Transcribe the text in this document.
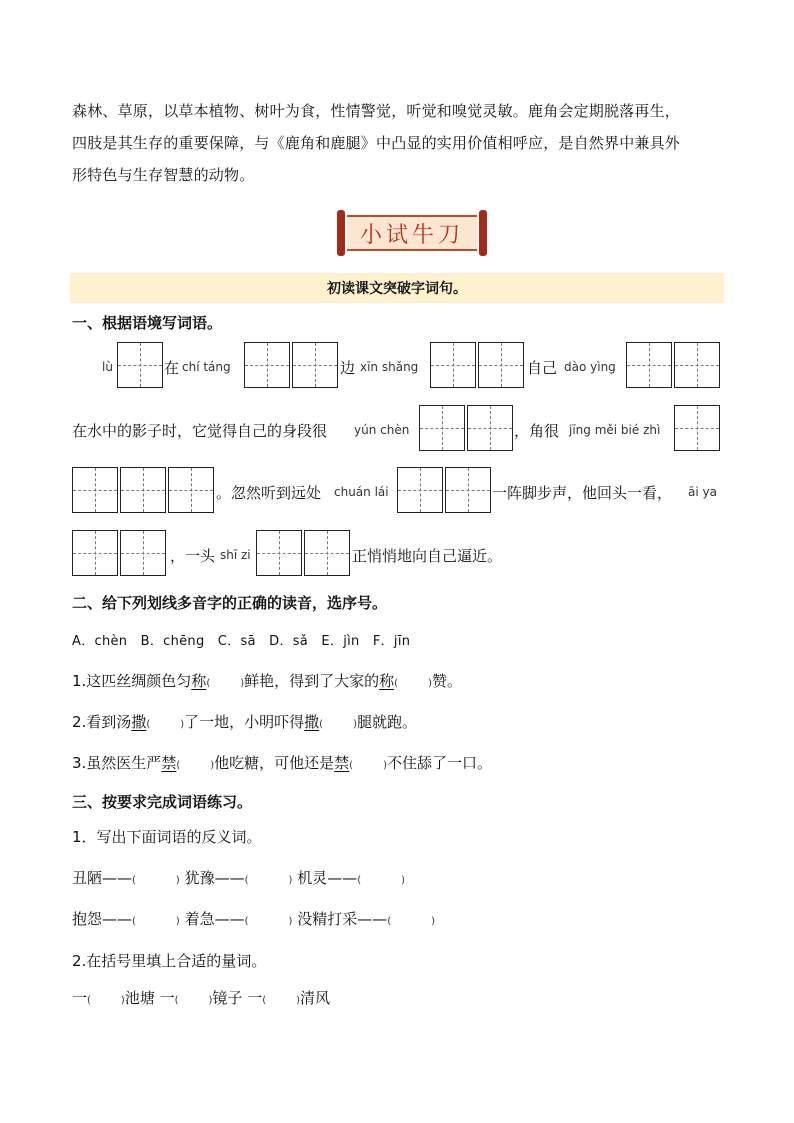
森林、草原，以草本植物、树叶为食，性情警觉，听觉和嗅觉灵敏。鹿角会定期脱落再生，
四肢是其生存的重要保障，与《鹿角和鹿腿》中凸显的实用价值相呼应，是自然界中兼具外
形特色与生存智慧的动物。
小试牛刀
初读课文突破字词句。
一、根据语境写词语。
lù	在 chí táng	边 xīn shǎng	自己 dào yìng
在水中的影子时，它觉得自己的身段很 yún chèn	，角很 jīng měi bié zhì
。忽然听到远处 chuán lái	一阵脚步声，他回头一看， āi ya
，一头 shī zi	正悄悄地向自己逼近。
二、给下列划线多音字的正确的读音，选序号。
A．chèn　B．chēng　C．sā　D．sǎ　E．jìn　F．jīn
1.这匹丝绸颜色匀称(　　　)鲜艳，得到了大家的称(　　　)赞。
2.看到汤撒(　　　)了一地，小明吓得撒(　　　)腿就跑。
3.虽然医生严禁(　　　)他吃糖，可他还是禁(　　　)不住舔了一口。
三、按要求完成词语练习。
1．写出下面词语的反义词。
丑陋——(　　　　) 犹豫——(　　　　) 机灵——(　　　　)
抱怨——(　　　　) 着急——(　　　　) 没精打采——(　　　　)
2.在括号里填上合适的量词。
一(　　　)池塘 一(　　　)镜子 一(　　　)清风
